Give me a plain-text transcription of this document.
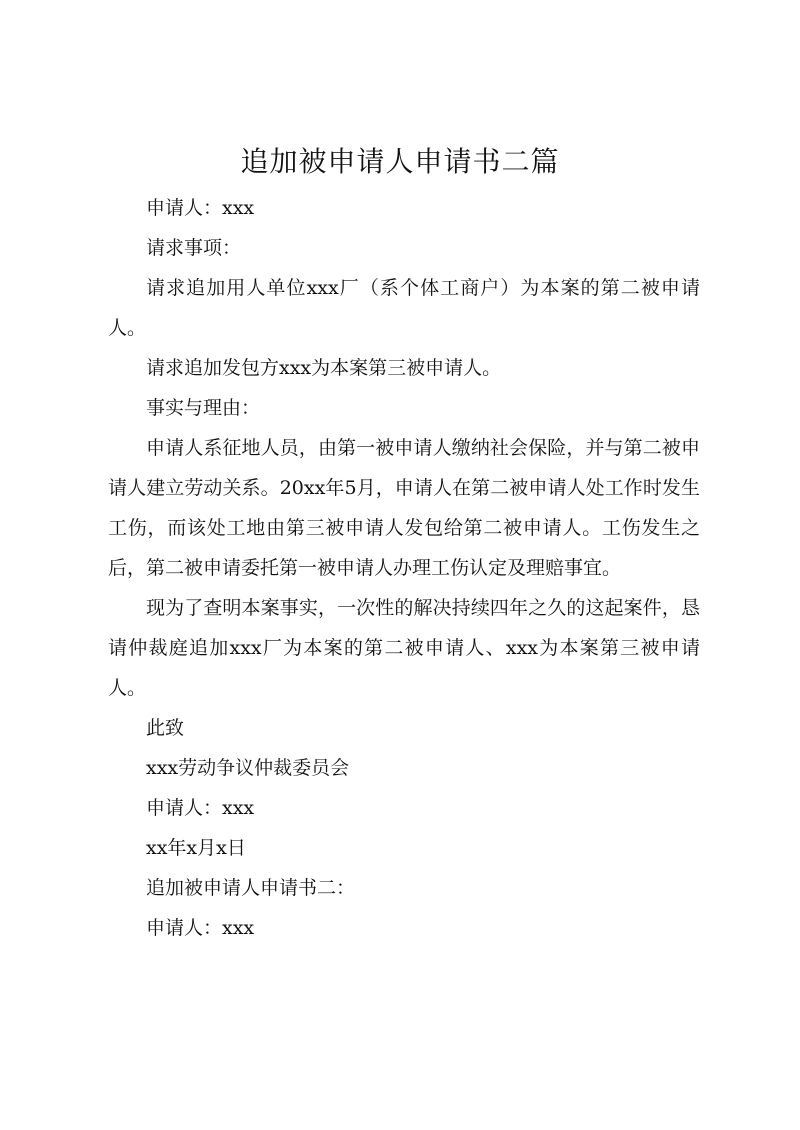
追加被申请人申请书二篇

申请人：xxx

请求事项：

请求追加用人单位xxx厂（系个体工商户）为本案的第二被申请人。

请求追加发包方xxx为本案第三被申请人。

事实与理由：

申请人系征地人员，由第一被申请人缴纳社会保险，并与第二被申请人建立劳动关系。20xx年5月，申请人在第二被申请人处工作时发生工伤，而该处工地由第三被申请人发包给第二被申请人。工伤发生之后，第二被申请委托第一被申请人办理工伤认定及理赔事宜。

现为了查明本案事实，一次性的解决持续四年之久的这起案件，恳请仲裁庭追加xxx厂为本案的第二被申请人、xxx为本案第三被申请人。

此致

xxx劳动争议仲裁委员会

申请人：xxx

xx年x月x日

追加被申请人申请书二：

申请人：xxx
